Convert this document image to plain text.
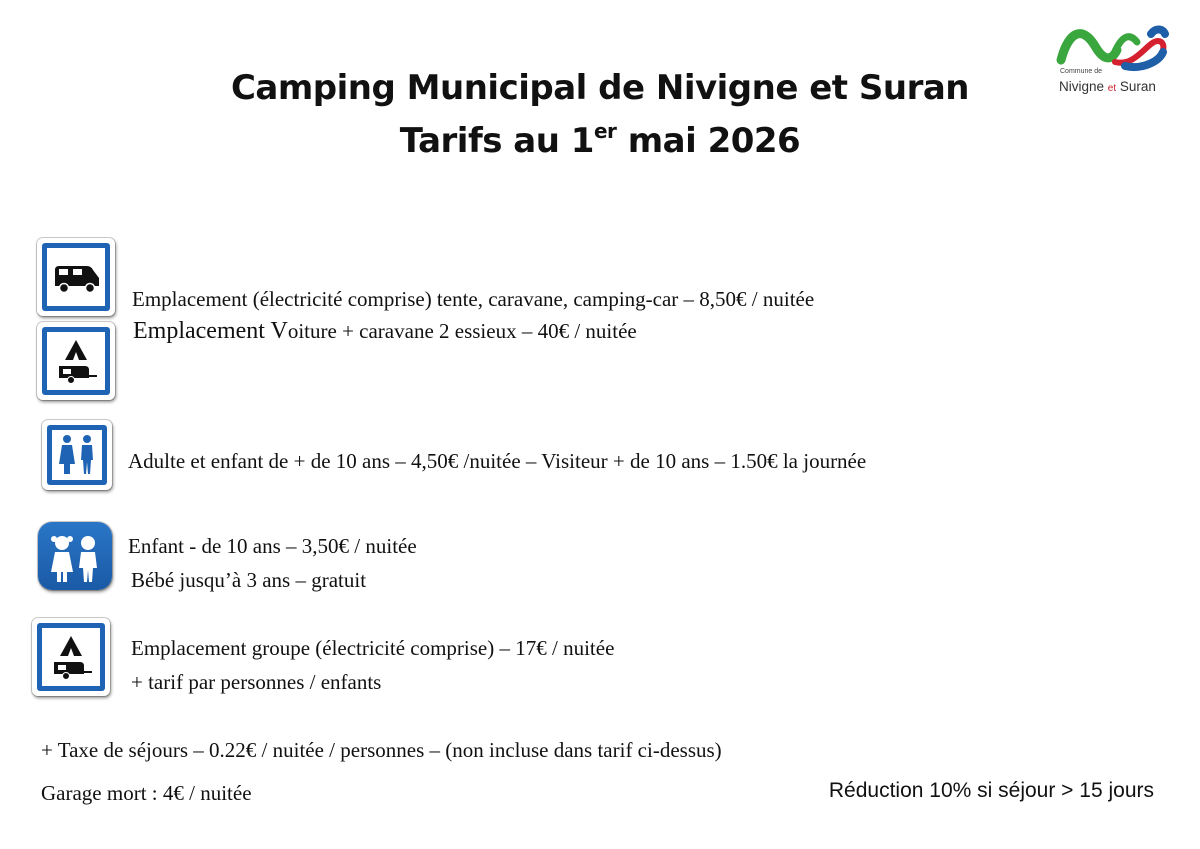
Camping Municipal de Nivigne et Suran
Tarifs au 1er mai 2026
Commune de
Nivigne et Suran
Emplacement (électricité comprise) tente, caravane, camping-car – 8,50€ / nuitée
Emplacement Voiture + caravane 2 essieux – 40€ / nuitée
Adulte et enfant de + de 10 ans – 4,50€ /nuitée – Visiteur + de 10 ans – 1.50€ la journée
Enfant - de 10 ans – 3,50€ / nuitée
Bébé jusqu’à 3 ans – gratuit
Emplacement groupe (électricité comprise) – 17€ / nuitée
+ tarif par personnes / enfants
+ Taxe de séjours – 0.22€ / nuitée / personnes – (non incluse dans tarif ci-dessus)
Garage mort : 4€ / nuitée	Réduction 10% si séjour > 15 jours
